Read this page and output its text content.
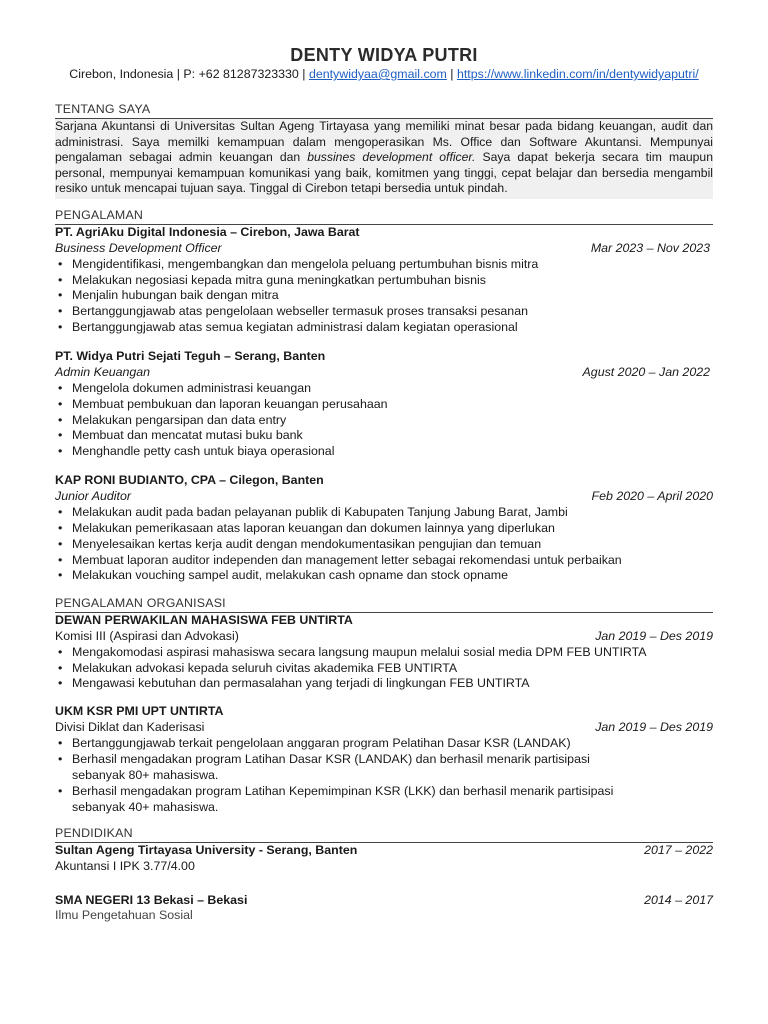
DENTY WIDYA PUTRI
Cirebon, Indonesia | P: +62 81287323330 | dentywidyaa@gmail.com | https://www.linkedin.com/in/dentywidyaputri/
TENTANG SAYA
Sarjana Akuntansi di Universitas Sultan Ageng Tirtayasa yang memiliki minat besar pada bidang keuangan, audit dan administrasi. Saya memilki kemampuan dalam mengoperasikan Ms. Office dan Software Akuntansi. Mempunyai pengalaman sebagai admin keuangan dan bussines development officer. Saya dapat bekerja secara tim maupun personal, mempunyai kemampuan komunikasi yang baik, komitmen yang tinggi, cepat belajar dan bersedia mengambil resiko untuk mencapai tujuan saya. Tinggal di Cirebon tetapi bersedia untuk pindah.
PENGALAMAN
PT. AgriAku Digital Indonesia – Cirebon, Jawa Barat
Business Development Officer	Mar 2023 – Nov 2023
• Mengidentifikasi, mengembangkan dan mengelola peluang pertumbuhan bisnis mitra
• Melakukan negosiasi kepada mitra guna meningkatkan pertumbuhan bisnis
• Menjalin hubungan baik dengan mitra
• Bertanggungjawab atas pengelolaan webseller termasuk proses transaksi pesanan
• Bertanggungjawab atas semua kegiatan administrasi dalam kegiatan operasional
PT. Widya Putri Sejati Teguh – Serang, Banten
Admin Keuangan	Agust 2020 – Jan 2022
• Mengelola dokumen administrasi keuangan
• Membuat pembukuan dan laporan keuangan perusahaan
• Melakukan pengarsipan dan data entry
• Membuat dan mencatat mutasi buku bank
• Menghandle petty cash untuk biaya operasional
KAP RONI BUDIANTO, CPA – Cilegon, Banten
Junior Auditor	Feb 2020 – April 2020
• Melakukan audit pada badan pelayanan publik di Kabupaten Tanjung Jabung Barat, Jambi
• Melakukan pemerikasaan atas laporan keuangan dan dokumen lainnya yang diperlukan
• Menyelesaikan kertas kerja audit dengan mendokumentasikan pengujian dan temuan
• Membuat laporan auditor independen dan management letter sebagai rekomendasi untuk perbaikan
• Melakukan vouching sampel audit, melakukan cash opname dan stock opname
PENGALAMAN ORGANISASI
DEWAN PERWAKILAN MAHASISWA FEB UNTIRTA
Komisi III (Aspirasi dan Advokasi)	Jan 2019 – Des 2019
• Mengakomodasi aspirasi mahasiswa secara langsung maupun melalui sosial media DPM FEB UNTIRTA
• Melakukan advokasi kepada seluruh civitas akademika FEB UNTIRTA
• Mengawasi kebutuhan dan permasalahan yang terjadi di lingkungan FEB UNTIRTA
UKM KSR PMI UPT UNTIRTA
Divisi Diklat dan Kaderisasi	Jan 2019 – Des 2019
• Bertanggungjawab terkait pengelolaan anggaran program Pelatihan Dasar KSR (LANDAK)
• Berhasil mengadakan program Latihan Dasar KSR (LANDAK) dan berhasil menarik partisipasi sebanyak 80+ mahasiswa.
• Berhasil mengadakan program Latihan Kepemimpinan KSR (LKK) dan berhasil menarik partisipasi sebanyak 40+ mahasiswa.
PENDIDIKAN
Sultan Ageng Tirtayasa University - Serang, Banten	2017 – 2022
Akuntansi I IPK 3.77/4.00
SMA NEGERI 13 Bekasi – Bekasi	2014 – 2017
Ilmu Pengetahuan Sosial
